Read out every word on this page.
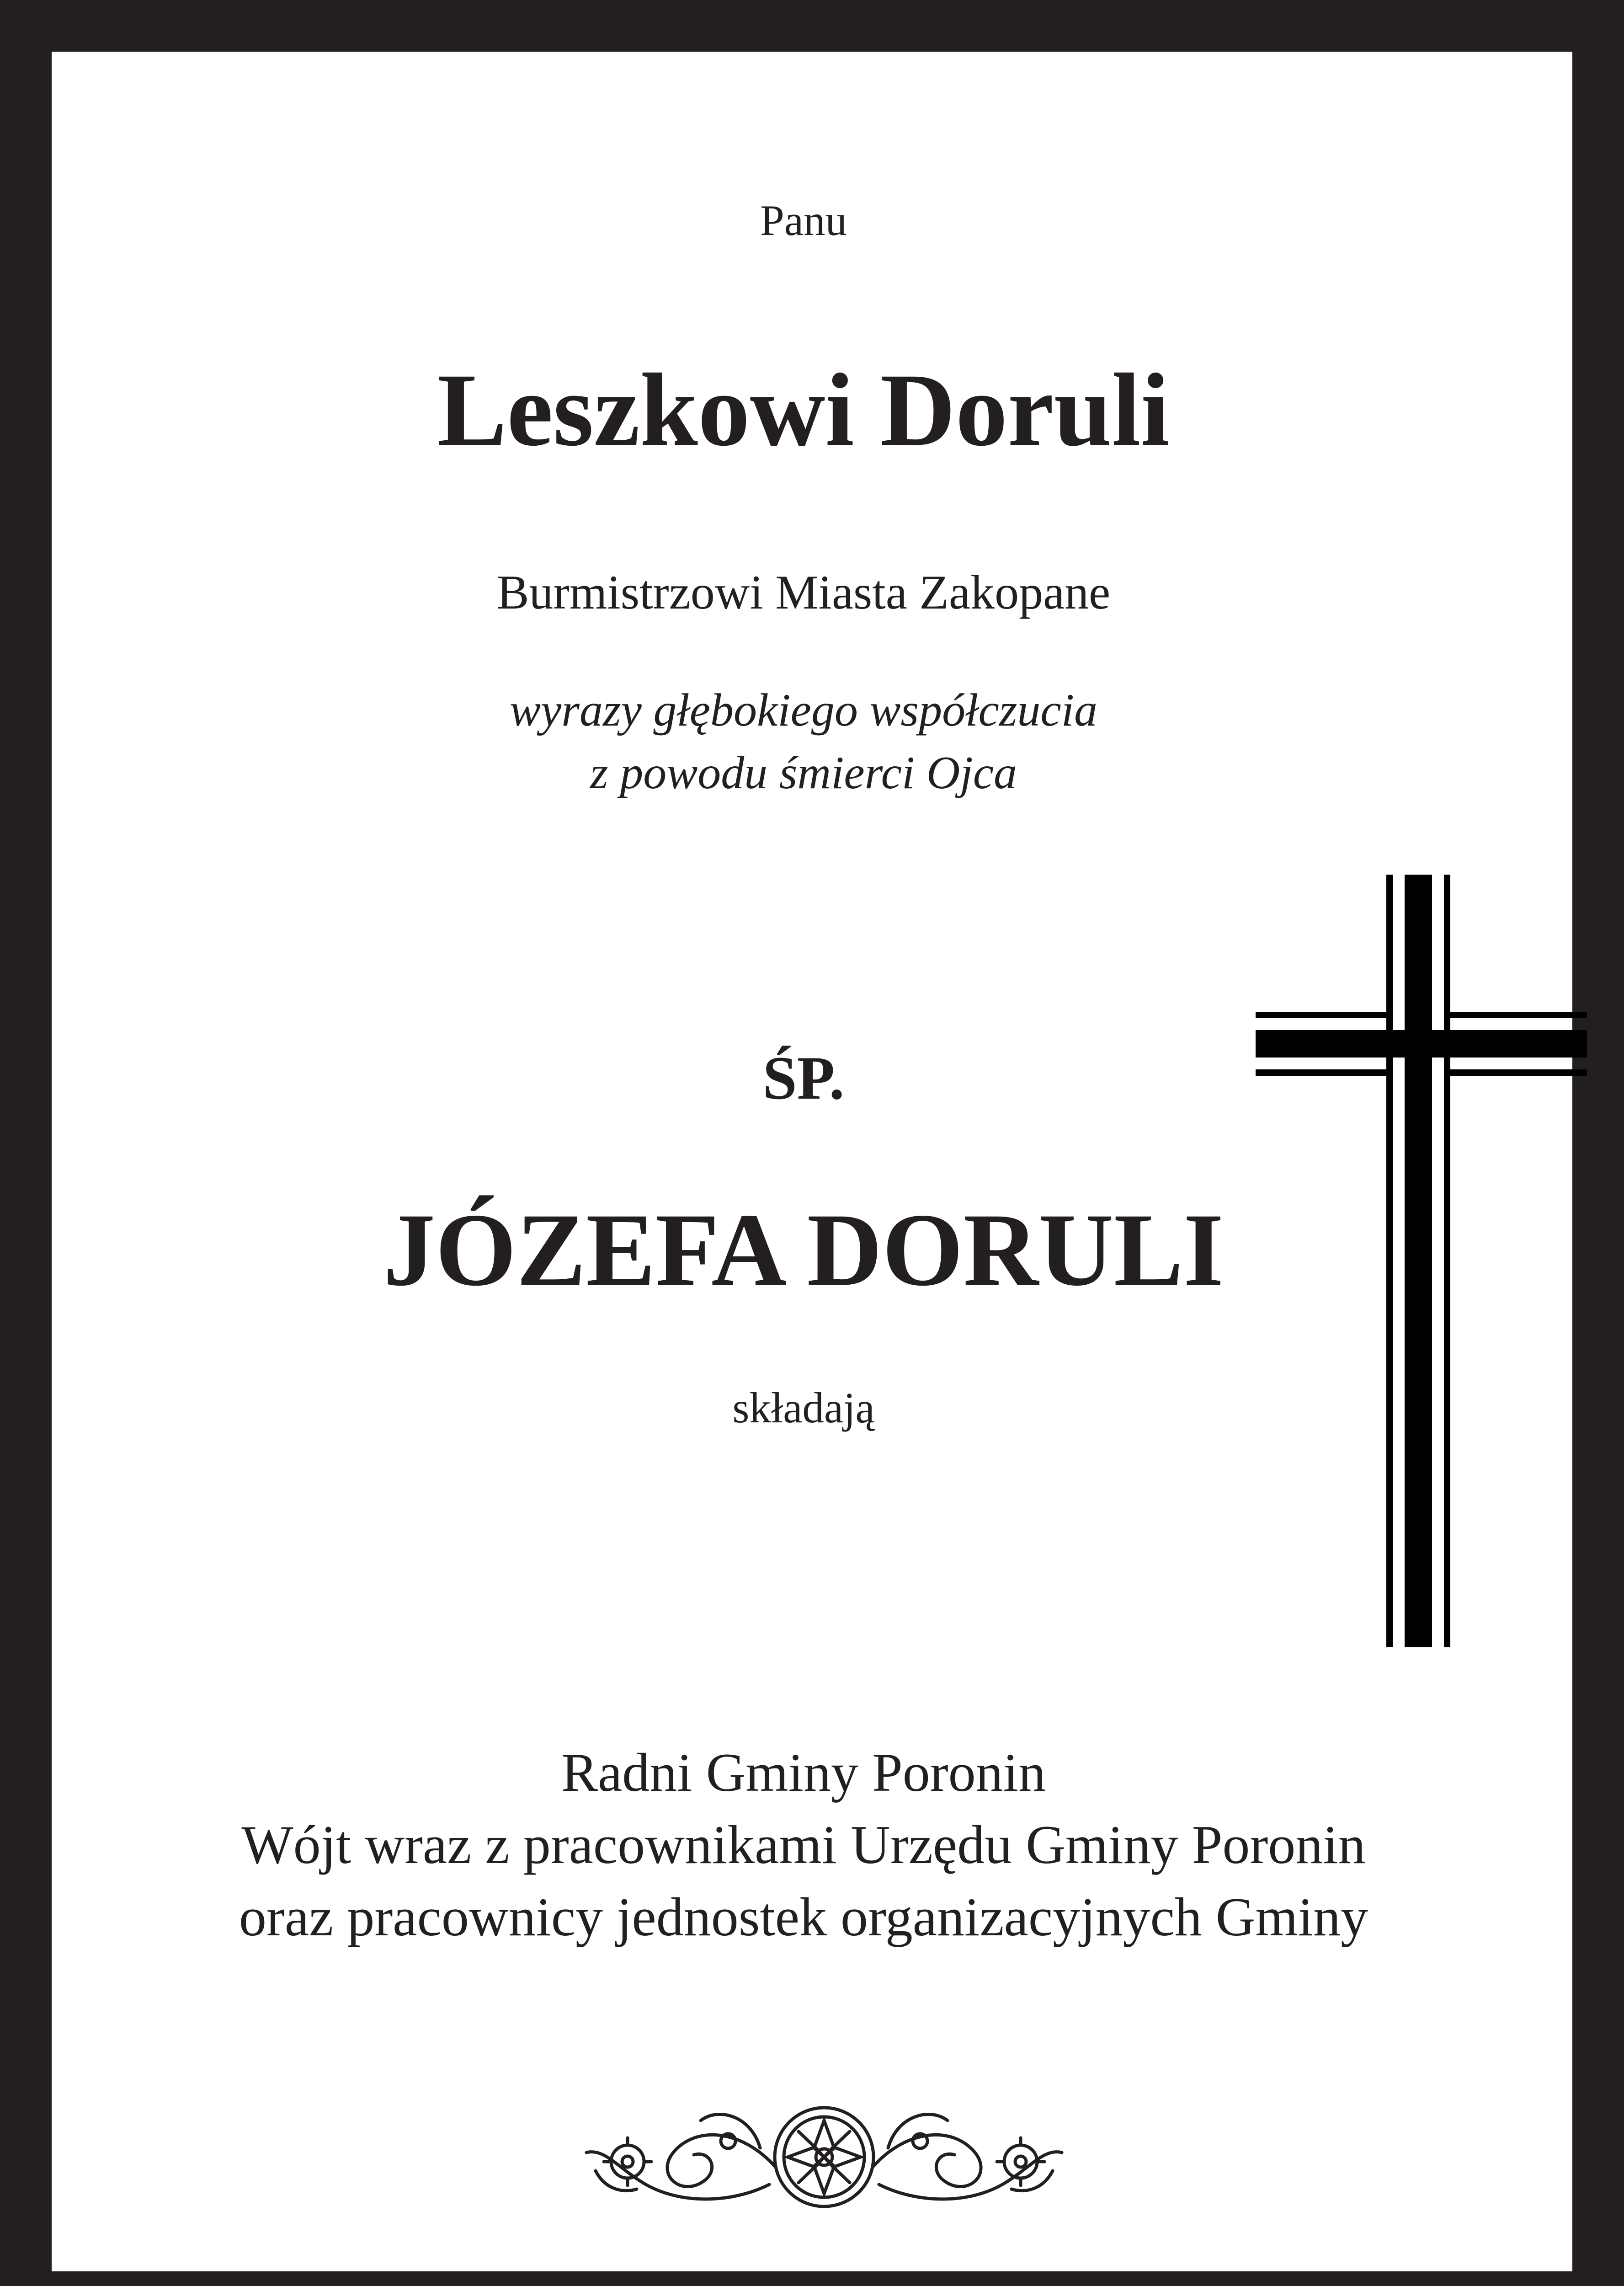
Panu
Leszkowi Doruli
Burmistrzowi Miasta Zakopane
wyrazy głębokiego współczucia
z powodu śmierci Ojca
ŚP.
JÓZEFA DORULI
składają
Radni Gminy Poronin
Wójt wraz z pracownikami Urzędu Gminy Poronin
oraz pracownicy jednostek organizacyjnych Gminy
